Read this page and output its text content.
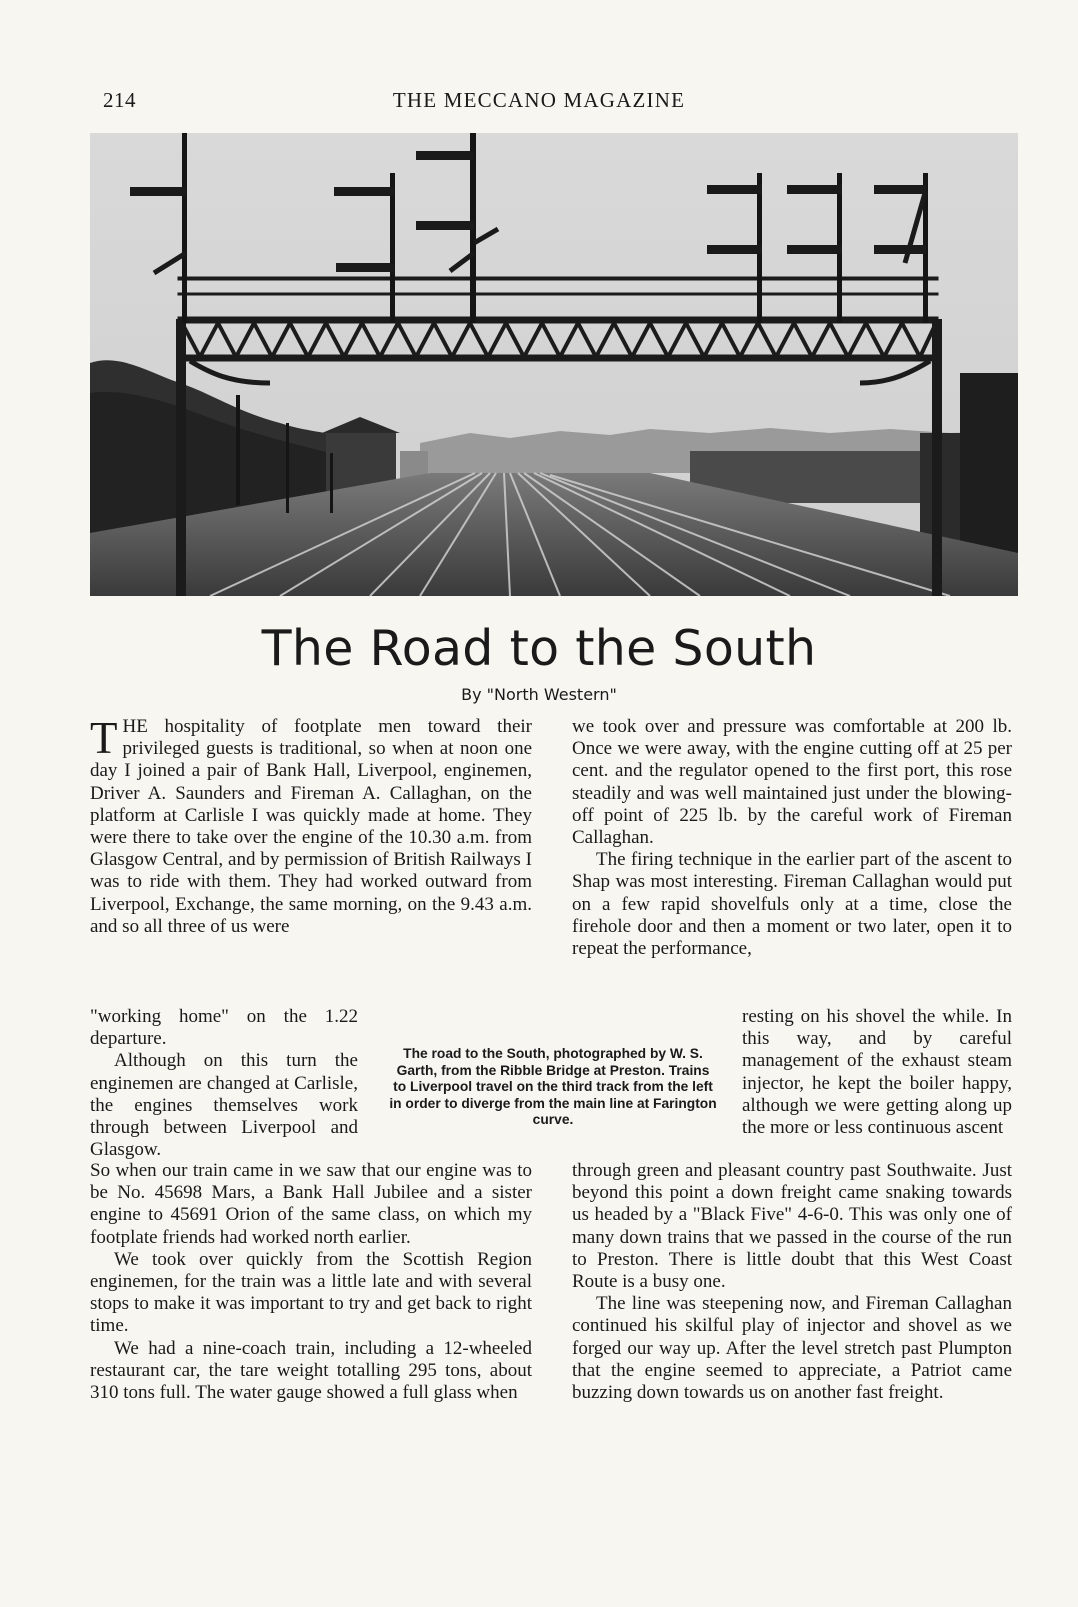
214	THE MECCANO MAGAZINE
The Road to the South
By "North Western"

THE hospitality of footplate men toward their privileged guests is traditional, so when at noon one day I joined a pair of Bank Hall, Liverpool, enginemen, Driver A. Saunders and Fireman A. Callaghan, on the platform at Carlisle I was quickly made at home. They were there to take over the engine of the 10.30 a.m. from Glasgow Central, and by permission of British Railways I was to ride with them. They had worked outward from Liverpool, Exchange, the same morning, on the 9.43 a.m. and so all three of us were

"working home" on the 1.22 departure.

Although on this turn the enginemen are changed at Carlisle, the engines themselves work through between Liverpool and Glasgow.

So when our train came in we saw that our engine was to be No. 45698 Mars, a Bank Hall Jubilee and a sister engine to 45691 Orion of the same class, on which my footplate friends had worked north earlier.

We took over quickly from the Scottish Region enginemen, for the train was a little late and with several stops to make it was important to try and get back to right time.

We had a nine-coach train, including a 12-wheeled restaurant car, the tare weight totalling 295 tons, about 310 tons full. The water gauge showed a full glass when

The road to the South, photographed by W. S. Garth, from the Ribble Bridge at Preston. Trains to Liverpool travel on the third track from the left in order to diverge from the main line at Farington curve.

we took over and pressure was comfortable at 200 lb. Once we were away, with the engine cutting off at 25 per cent. and the regulator opened to the first port, this rose steadily and was well maintained just under the blowing-off point of 225 lb. by the careful work of Fireman Callaghan.

The firing technique in the earlier part of the ascent to Shap was most interesting. Fireman Callaghan would put on a few rapid shovelfuls only at a time, close the firehole door and then a moment or two later, open it to repeat the performance,

resting on his shovel the while. In this way, and by careful management of the exhaust steam injector, he kept the boiler happy, although we were getting along up the more or less continuous ascent

through green and pleasant country past Southwaite. Just beyond this point a down freight came snaking towards us headed by a "Black Five" 4-6-0. This was only one of many down trains that we passed in the course of the run to Preston. There is little doubt that this West Coast Route is a busy one.

The line was steepening now, and Fireman Callaghan continued his skilful play of injector and shovel as we forged our way up. After the level stretch past Plumpton that the engine seemed to appreciate, a Patriot came buzzing down towards us on another fast freight.
